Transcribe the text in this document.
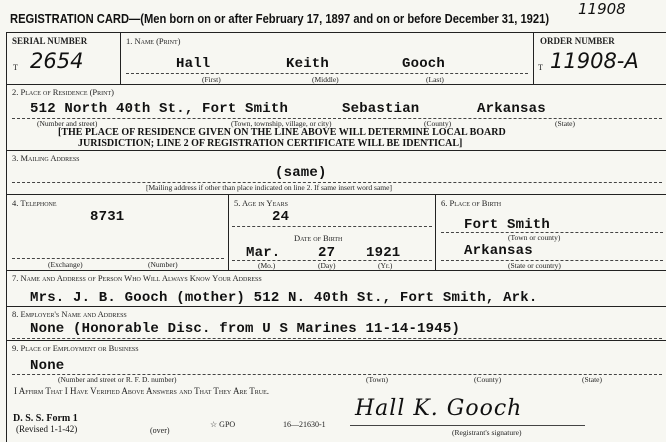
REGISTRATION CARD—(Men born on or after February 17, 1897 and on or before December 31, 1921)
11908
SERIAL NUMBER
T 2654
1. Name (Print)
Hall	Keith	Gooch
(First)	(Middle)	(Last)
ORDER NUMBER
T 11908-A
2. Place of Residence (Print)
512 North 40th St., Fort Smith	Sebastian	Arkansas
(Number and street)	(Town, township, village, or city)	(County)	(State)
[THE PLACE OF RESIDENCE GIVEN ON THE LINE ABOVE WILL DETERMINE LOCAL BOARD
JURISDICTION; LINE 2 OF REGISTRATION CERTIFICATE WILL BE IDENTICAL]
3. Mailing Address
(same)
[Mailing address if other than place indicated on line 2. If same insert word same]
4. Telephone
8731
(Exchange)	(Number)
5. Age in Years
24
Date of Birth
Mar.	27 1921
(Mo.)	(Day)	(Yr.)
6. Place of Birth
Fort Smith
(Town or county)
Arkansas
(State or country)
7. Name and Address of Person Who Will Always Know Your Address
Mrs. J. B. Gooch (mother) 512 N. 40th St., Fort Smith, Ark.
8. Employer's Name and Address
None (Honorable Disc. from U S Marines 11-14-1945)
9. Place of Employment or Business
None
(Number and street or R. F. D. number)	(Town)	(County)	(State)
I Affirm That I Have Verified Above Answers and That They Are True.
D. S. S. Form 1
(Revised 1-1-42)	(over)
☆ GPO	16—21630-1
Hall K. Gooch
(Registrant's signature)
